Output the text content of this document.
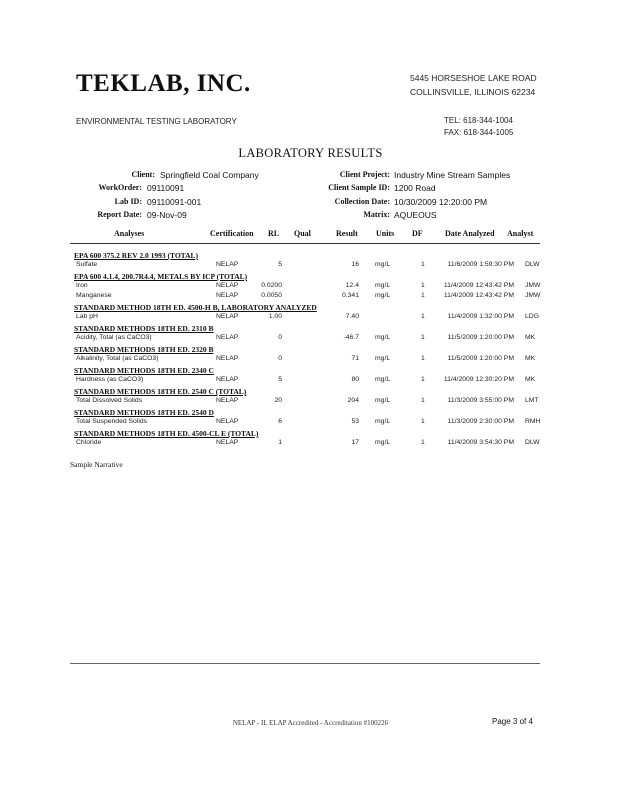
TEKLAB, INC.	5445 HORSESHOE LAKE ROAD
COLLINSVILLE, ILLINOIS 62234
ENVIRONMENTAL TESTING LABORATORY	TEL: 618-344-1004
FAX: 618-344-1005
LABORATORY RESULTS
Client: Springfield Coal Company
WorkOrder: 09110091
Lab ID: 09110091-001
Report Date: 09-Nov-09
Client Project: Industry Mine Stream Samples
Client Sample ID: 1200 Road
Collection Date: 10/30/2009 12:20:00 PM
Matrix: AQUEOUS
Analyses	Certification RL Qual	Result Units DF	Date Analyzed Analyst
EPA 600 375.2 REV 2.0 1993 (TOTAL)
Sulfate	NELAP	5	16 mg/L	1	11/6/2009 1:59:30 PM DLW
EPA 600 4.1.4, 200.7R4.4, METALS BY ICP (TOTAL)
Iron	NELAP	0.0200	12.4 mg/L	1	11/4/2009 12:43:42 PM JMW
Manganese	NELAP	0.0050	0.341 mg/L	1	11/4/2009 12:43:42 PM JMW
STANDARD METHOD 18TH ED. 4500-H B, LABORATORY ANALYZED
Lab pH	NELAP	1.00	7.40	1	11/4/2009 1:32:00 PM LDG
STANDARD METHODS 18TH ED. 2310 B
Acidity, Total (as CaCO3)	NELAP	0	-46.7 mg/L	1	11/5/2009 1:20:00 PM MK
STANDARD METHODS 18TH ED. 2320 B
Alkalinity, Total (as CaCO3)	NELAP	0	71 mg/L	1	11/5/2009 1:20:00 PM MK
STANDARD METHODS 18TH ED. 2340 C
Hardness (as CaCO3)	NELAP	5	80 mg/L	1	11/4/2009 12:30:20 PM MK
STANDARD METHODS 18TH ED. 2540 C (TOTAL)
Total Dissolved Solids	NELAP	20	204 mg/L	1	11/3/2009 3:55:00 PM LMT
STANDARD METHODS 18TH ED. 2540 D
Total Suspended Solids	NELAP	6	53 mg/L	1	11/3/2009 2:30:00 PM RMH
STANDARD METHODS 18TH ED. 4500-CL E (TOTAL)
Chloride	NELAP	1	17 mg/L	1	11/4/2009 3:54:30 PM DLW
Sample Narrative
NELAP - IL ELAP Accredited - Accreditation #100226	Page 3 of 4
